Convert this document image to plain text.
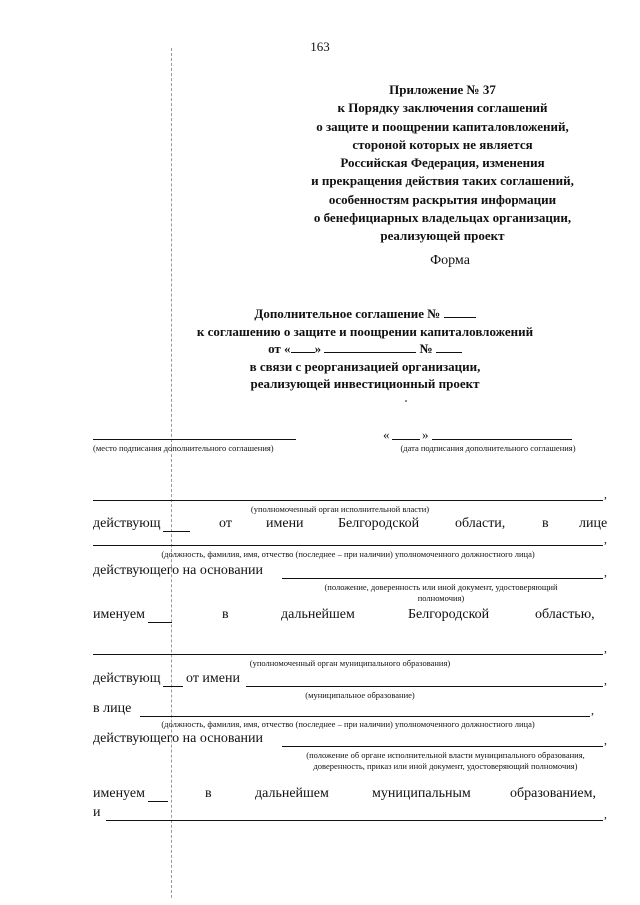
163
Приложение № 37
к Порядку заключения соглашений
о защите и поощрении капиталовложений,
стороной которых не является
Российская Федерация, изменения
и прекращения действия таких соглашений,
особенностям раскрытия информации
о бенефициарных владельцах организации,
реализующей проект
Форма
Дополнительное соглашение №
к соглашению о защите и поощрении капиталовложений
от « »	№
в связи с реорганизацией организации,
реализующей инвестиционный проект
«	»
(место подписания дополнительного соглашения)	(дата подписания дополнительного соглашения)
,
(уполномоченный орган исполнительной власти)
действующ	от имени Белгородской	области,	в лице
,
(должность, фамилия, имя, отчество (последнее – при наличии) уполномоченного должностного лица)
действующего на основании	,
(положение, доверенность или иной документ, удостоверяющий полномочия)
именуем	в	дальнейшем	Белгородской	областью,
,
(уполномоченный орган муниципального образования)
действующ от имени	,
(муниципальное образование)
в лице	,
(должность, фамилия, имя, отчество (последнее – при наличии) уполномоченного должностного лица)
действующего на основании	,
(положение об органе исполнительной власти муниципального образования, доверенность, приказ или иной документ, удостоверяющий полномочия)
именуем	в	дальнейшем	муниципальным	образованием,
и	,
